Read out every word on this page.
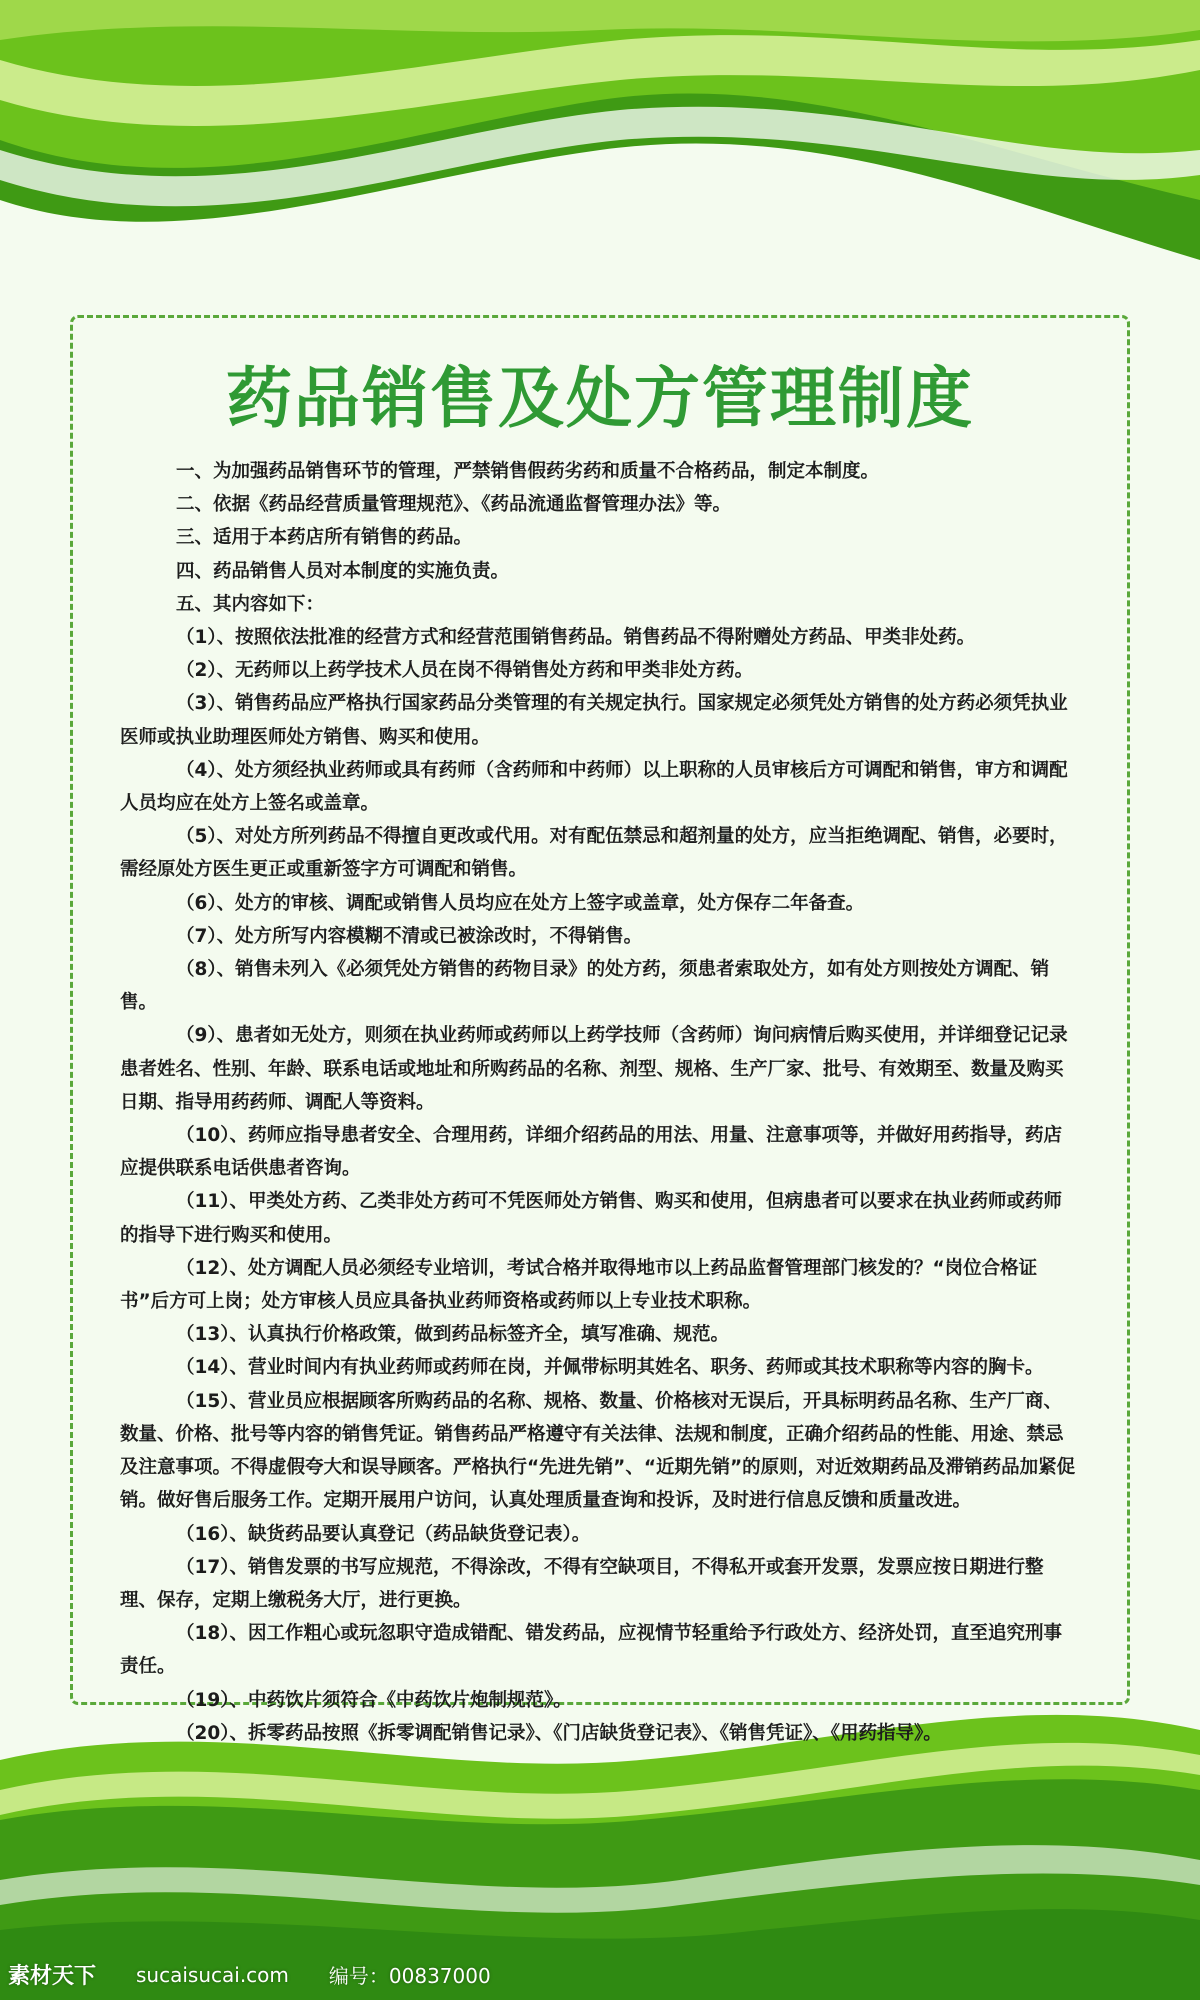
药品销售及处方管理制度

一、为加强药品销售环节的管理，严禁销售假药劣药和质量不合格药品，制定本制度。

二、依据《药品经营质量管理规范》、《药品流通监督管理办法》等。

三、适用于本药店所有销售的药品。

四、药品销售人员对本制度的实施负责。

五、其内容如下：

（1）、按照依法批准的经营方式和经营范围销售药品。销售药品不得附赠处方药品、甲类非处药。

（2）、无药师以上药学技术人员在岗不得销售处方药和甲类非处方药。

（3）、销售药品应严格执行国家药品分类管理的有关规定执行。国家规定必须凭处方销售的处方药必须凭执业医师或执业助理医师处方销售、购买和使用。

（4）、处方须经执业药师或具有药师（含药师和中药师）以上职称的人员审核后方可调配和销售，审方和调配人员均应在处方上签名或盖章。

（5）、对处方所列药品不得擅自更改或代用。对有配伍禁忌和超剂量的处方，应当拒绝调配、销售，必要时，需经原处方医生更正或重新签字方可调配和销售。

（6）、处方的审核、调配或销售人员均应在处方上签字或盖章，处方保存二年备查。

（7）、处方所写内容模糊不清或已被涂改时，不得销售。

（8）、销售未列入《必须凭处方销售的药物目录》的处方药，须患者索取处方，如有处方则按处方调配、销售。

（9）、患者如无处方，则须在执业药师或药师以上药学技师（含药师）询问病情后购买使用，并详细登记记录患者姓名、性别、年龄、联系电话或地址和所购药品的名称、剂型、规格、生产厂家、批号、有效期至、数量及购买日期、指导用药药师、调配人等资料。

（10）、药师应指导患者安全、合理用药，详细介绍药品的用法、用量、注意事项等，并做好用药指导，药店应提供联系电话供患者咨询。

（11）、甲类处方药、乙类非处方药可不凭医师处方销售、购买和使用，但病患者可以要求在执业药师或药师的指导下进行购买和使用。

（12）、处方调配人员必须经专业培训，考试合格并取得地市以上药品监督管理部门核发的？“岗位合格证书”后方可上岗；处方审核人员应具备执业药师资格或药师以上专业技术职称。

（13）、认真执行价格政策，做到药品标签齐全，填写准确、规范。

（14）、营业时间内有执业药师或药师在岗，并佩带标明其姓名、职务、药师或其技术职称等内容的胸卡。

（15）、营业员应根据顾客所购药品的名称、规格、数量、价格核对无误后，开具标明药品名称、生产厂商、数量、价格、批号等内容的销售凭证。销售药品严格遵守有关法律、法规和制度，正确介绍药品的性能、用途、禁忌及注意事项。不得虚假夸大和误导顾客。严格执行“先进先销”、“近期先销”的原则，对近效期药品及滞销药品加紧促销。做好售后服务工作。定期开展用户访问，认真处理质量查询和投诉，及时进行信息反馈和质量改进。

（16）、缺货药品要认真登记（药品缺货登记表）。

（17）、销售发票的书写应规范，不得涂改，不得有空缺项目，不得私开或套开发票，发票应按日期进行整理、保存，定期上缴税务大厅，进行更换。

（18）、因工作粗心或玩忽职守造成错配、错发药品，应视情节轻重给予行政处方、经济处罚，直至追究刑事责任。

（19）、中药饮片须符合《中药饮片炮制规范》。

（20）、拆零药品按照《拆零调配销售记录》、《门店缺货登记表》、《销售凭证》、《用药指导》。

素材天下 sucaisucai.com 编号：00837000
